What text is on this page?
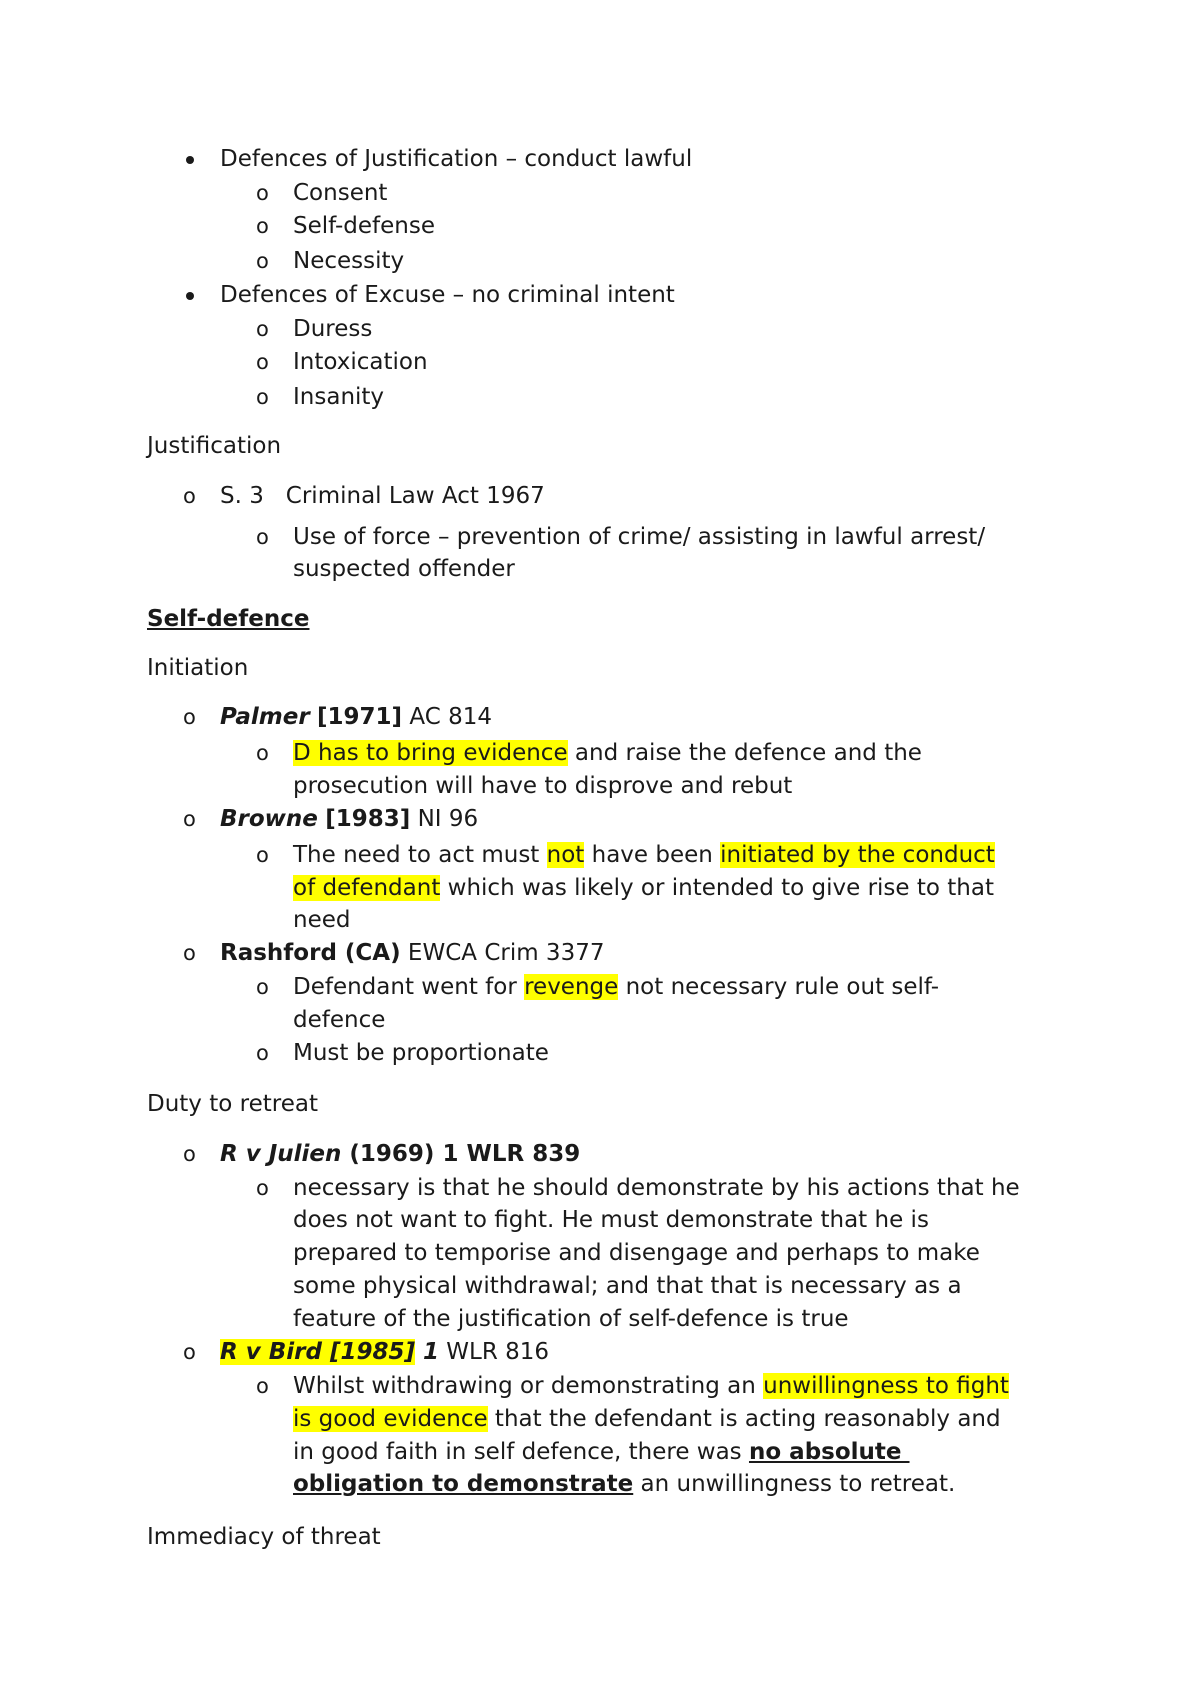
Defences of Justification – conduct lawful
o Consent
o Self-defense
o Necessity
Defences of Excuse – no criminal intent
o Duress
o Intoxication
o Insanity
Justification
o S. 3   Criminal Law Act 1967
o Use of force – prevention of crime/ assisting in lawful arrest/
suspected offender
Self-defence
Initiation
o Palmer [1971] AC 814
o D has to bring evidence and raise the defence and the
prosecution will have to disprove and rebut
o Browne [1983] NI 96
o The need to act must not have been initiated by the conduct
of defendant which was likely or intended to give rise to that
need
o Rashford (CA) EWCA Crim 3377
o Defendant went for revenge not necessary rule out self-
defence
o Must be proportionate
Duty to retreat
o R v Julien (1969) 1 WLR 839
o necessary is that he should demonstrate by his actions that he
does not want to fight. He must demonstrate that he is
prepared to temporise and disengage and perhaps to make
some physical withdrawal; and that that is necessary as a
feature of the justification of self-defence is true
o R v Bird [1985] 1 WLR 816
o Whilst withdrawing or demonstrating an unwillingness to fight
is good evidence that the defendant is acting reasonably and
in good faith in self defence, there was no absolute
obligation to demonstrate an unwillingness to retreat.
Immediacy of threat
